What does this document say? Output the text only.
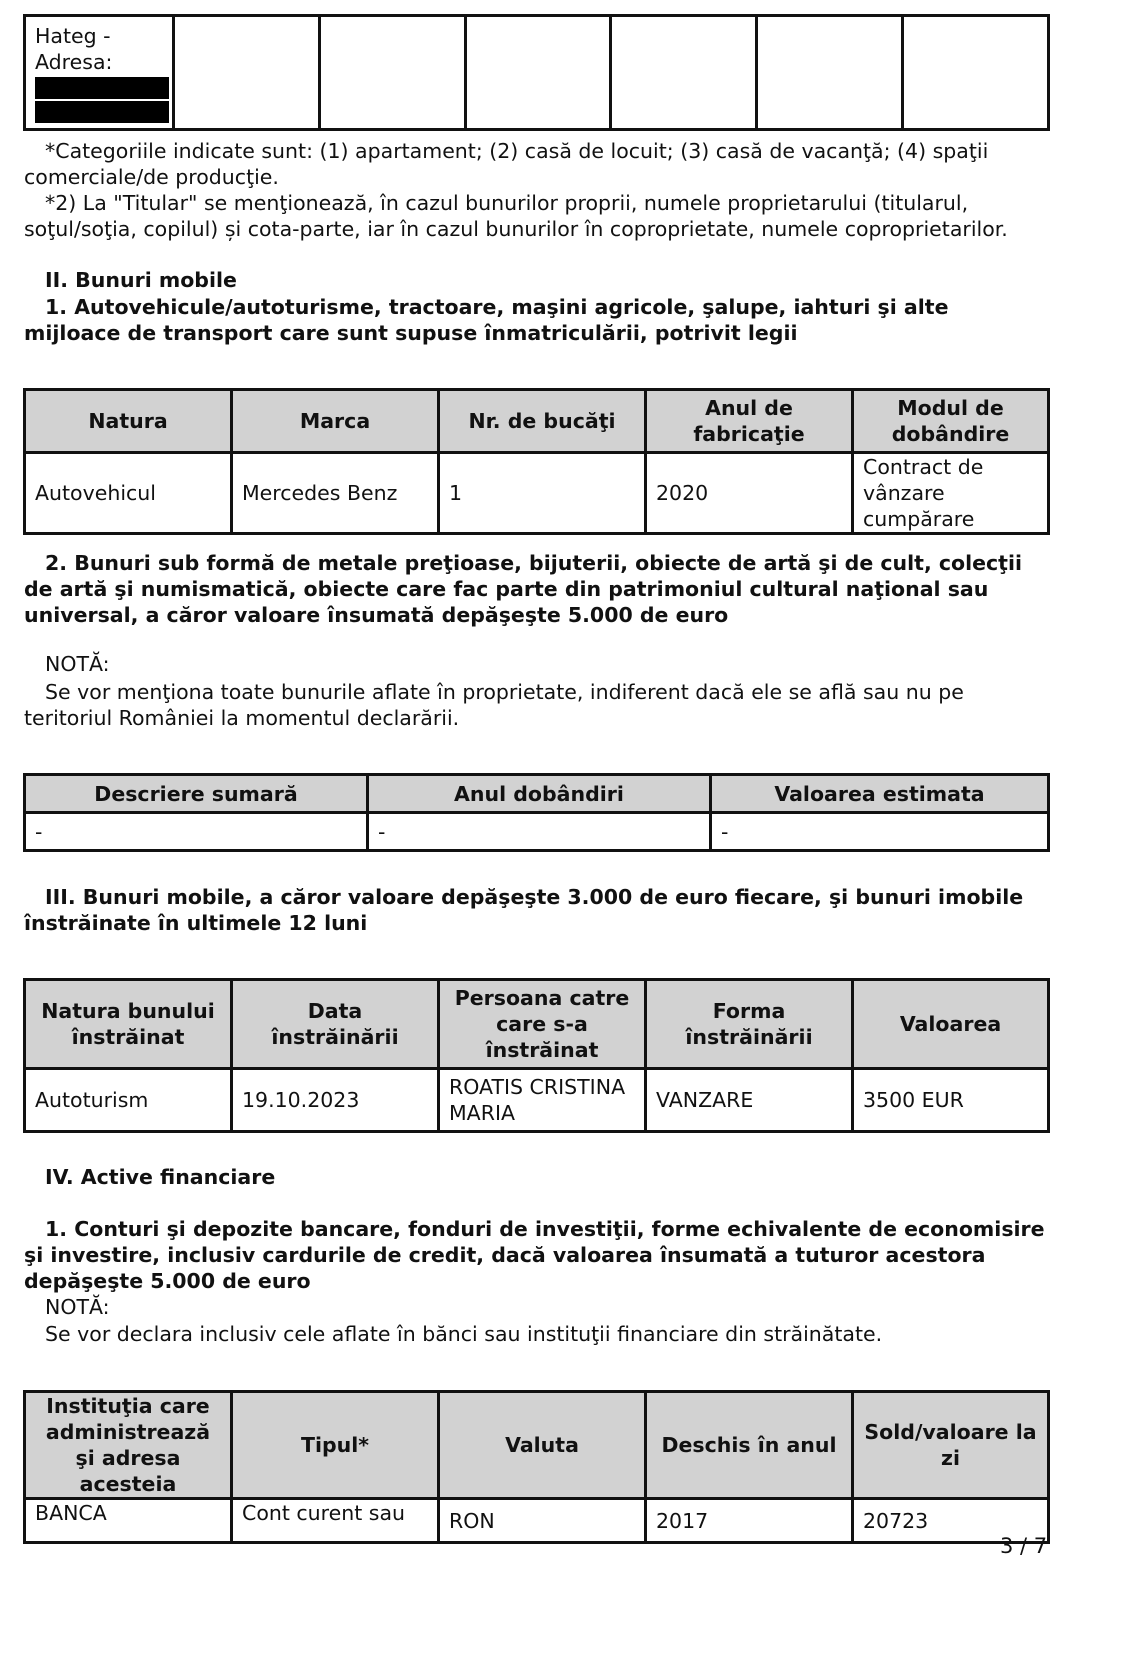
Hateg -
Adresa:

*Categoriile indicate sunt: (1) apartament; (2) casă de locuit; (3) casă de vacanţă; (4) spaţii comerciale/de producţie.
*2) La "Titular" se menţionează, în cazul bunurilor proprii, numele proprietarului (titularul, soţul/soţia, copilul) și cota-parte, iar în cazul bunurilor în coproprietate, numele coproprietarilor.
II. Bunuri mobile
1. Autovehicule/autoturisme, tractoare, maşini agricole, şalupe, iahturi şi alte mijloace de transport care sunt supuse înmatriculării, potrivit legii
Natura	Marca	Nr. de bucăţi	Anul de fabricaţie	Modul de dobândire
Autovehicul	Mercedes Benz	1	2020	Contract de vânzare cumpărare
2. Bunuri sub formă de metale preţioase, bijuterii, obiecte de artă şi de cult, colecţii de artă şi numismatică, obiecte care fac parte din patrimoniul cultural naţional sau universal, a căror valoare însumată depăşeşte 5.000 de euro
NOTĂ:
Se vor menţiona toate bunurile aflate în proprietate, indiferent dacă ele se află sau nu pe teritoriul României la momentul declarării.
Descriere sumară	Anul dobândiri	Valoarea estimata
-	-	-
III. Bunuri mobile, a căror valoare depăşeşte 3.000 de euro fiecare, şi bunuri imobile înstrăinate în ultimele 12 luni
Natura bunului înstrăinat	Data înstrăinării	Persoana catre care s-a înstrăinat	Forma înstrăinării	Valoarea
Autoturism	19.10.2023	ROATIS CRISTINA MARIA	VANZARE	3500 EUR
IV. Active financiare
1. Conturi şi depozite bancare, fonduri de investiţii, forme echivalente de economisire şi investire, inclusiv cardurile de credit, dacă valoarea însumată a tuturor acestora depăşeşte 5.000 de euro
NOTĂ:
Se vor declara inclusiv cele aflate în bănci sau instituţii financiare din străinătate.
Instituţia care administrează şi adresa acesteia	Tipul*	Valuta	Deschis în anul	Sold/valoare la zi
BANCA	Cont curent sau	RON	2017	20723
3 / 7
